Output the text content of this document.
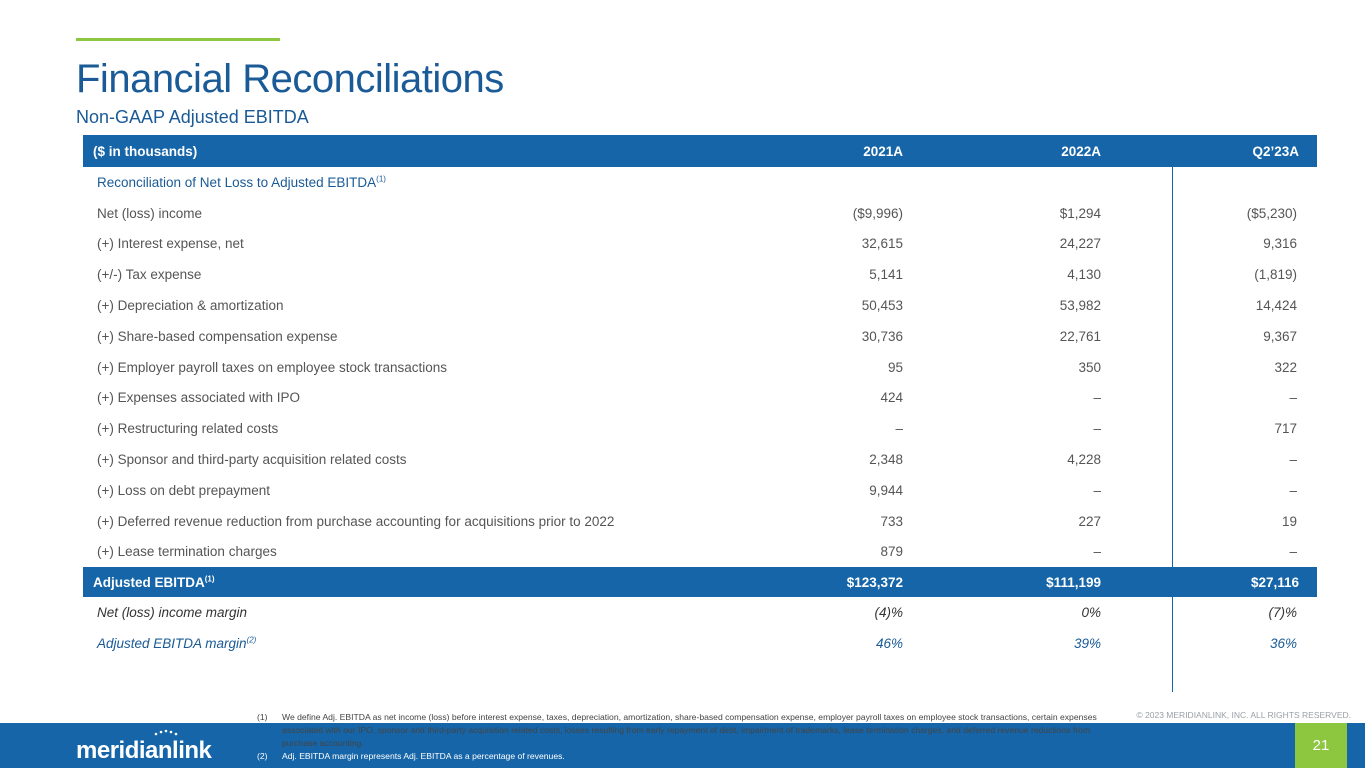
Financial Reconciliations
Non-GAAP Adjusted EBITDA
($ in thousands)	2021A	2022A	Q2’23A
Reconciliation of Net Loss to Adjusted EBITDA$^{(1)}$
Net (loss) income	($9,996)	$1,294	($5,230)
(+) Interest expense, net	32,615	24,227	9,316
(+/-) Tax expense	5,141	4,130	(1,819)
(+) Depreciation & amortization	50,453	53,982	14,424
(+) Share-based compensation expense	30,736	22,761	9,367
(+) Employer payroll taxes on employee stock transactions	95	350	322
(+) Expenses associated with IPO	424	–	–
(+) Restructuring related costs	–	–	717
(+) Sponsor and third-party acquisition related costs	2,348	4,228	–
(+) Loss on debt prepayment	9,944	–	–
(+) Deferred revenue reduction from purchase accounting for acquisitions prior to 2022	733	227	19
(+) Lease termination charges	879	–	–
Adjusted EBITDA$^{(1)}$	$123,372	$111,199	$27,116
Net (loss) income margin	(4)%	0%	(7)%
Adjusted EBITDA margin$^{(2)}$	46%	39%	36%
meridianlink
(1) We define Adj. EBITDA as net income (loss) before interest expense, taxes, depreciation, amortization, share-based compensation expense, employer payroll taxes on employee stock transactions, certain expenses associated with our IPO, sponsor and third-party acquisition related costs, losses resulting from early repayment of debt, impairment of trademarks, lease termination charges, and deferred revenue reductions from purchase accounting.
(2) Adj. EBITDA margin represents Adj. EBITDA as a percentage of revenues.
© 2023 MERIDIANLINK, INC. ALL RIGHTS RESERVED.
21
